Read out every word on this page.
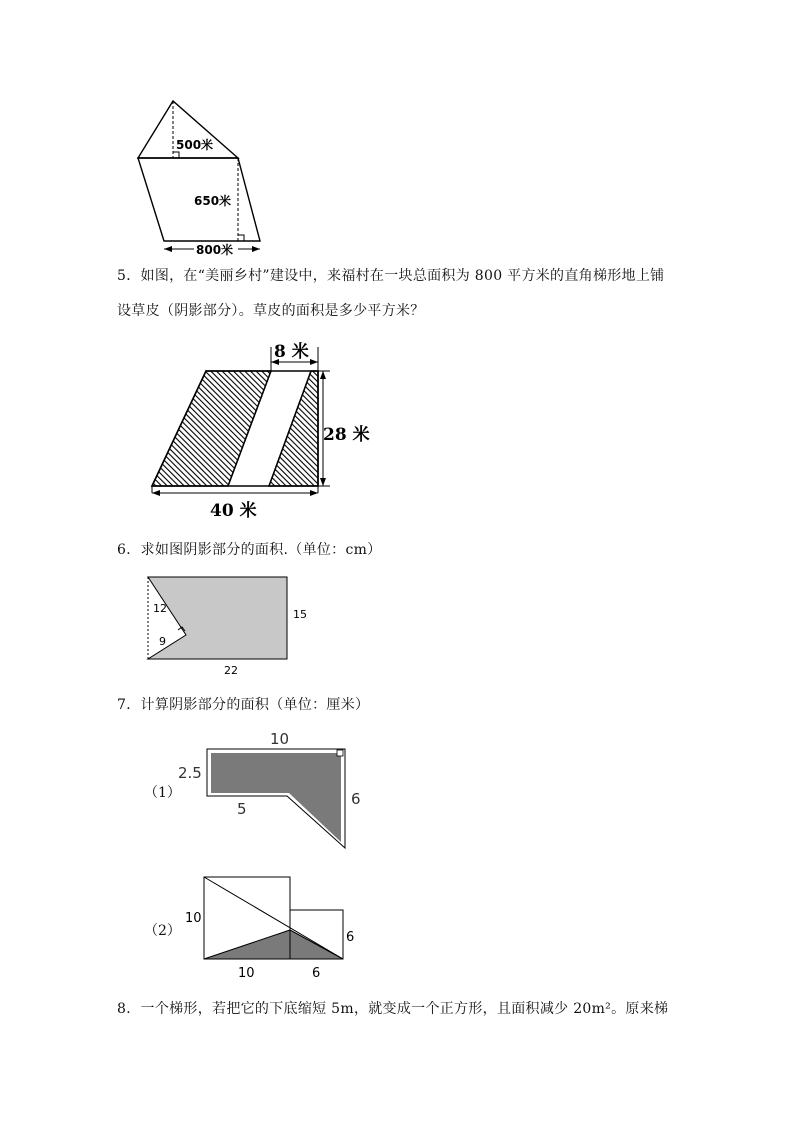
500米
650米
800米
5．如图，在“美丽乡村”建设中，来福村在一块总面积为 800 平方米的直角梯形地上铺
设草皮（阴影部分）。草皮的面积是多少平方米？
8 米
28 米
40 米
6．求如图阴影部分的面积.（单位：cm）
12
9
15
22
7．计算阴影部分的面积（单位：厘米）
（1）
10
2.5
5
6
（2）
10
6
10	6
8．一个梯形，若把它的下底缩短 5m，就变成一个正方形，且面积减少 20m²。原来梯
